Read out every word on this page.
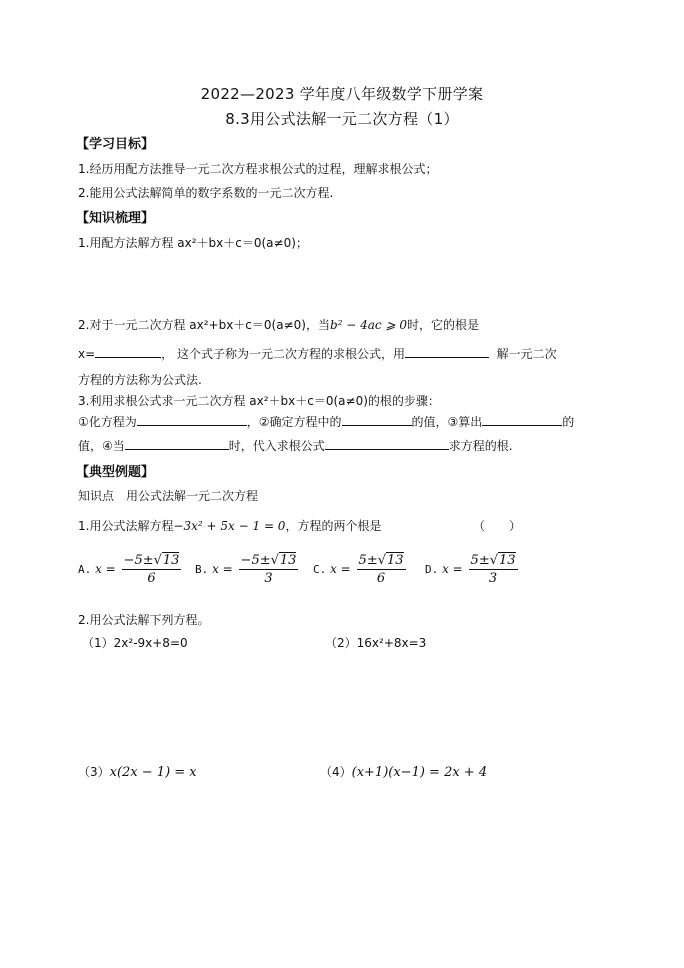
2022—2023 学年度八年级数学下册学案
8.3用公式法解一元二次方程（1）
【学习目标】
1.经历用配方法推导一元二次方程求根公式的过程，理解求根公式；
2.能用公式法解简单的数字系数的一元二次方程.
【知识梳理】
1.用配方法解方程 ax²＋bx＋c＝0(a≠0)；
2.对于一元二次方程 ax²+bx＋c＝0(a≠0)，当b² − 4ac ⩾ 0时，它的根是
x=	， 这个式子称为一元二次方程的求根公式，用	解一元二次
方程的方法称为公式法.
3.利用求根公式求一元二次方程 ax²＋bx＋c＝0(a≠0)的根的步骤：
①化方程为	，②确定方程中的	的值，③算出	的
值，④当	时，代入求根公式	求方程的根.
【典型例题】
知识点　用公式法解一元二次方程
1.用公式法解方程−3x² + 5x − 1 = 0，方程的两个根是	（　　）
A. $x = \frac{-5\pm√13}{6} B$. $x = \frac{-5\pm√13}{3} C$. $x = \frac{5\pm√13}{6} D$. $x = \frac{5\pm√13}{3}$
2.用公式法解下列方程。
（1）2x²-9x+8=0	（2）16x²+8x=3
（3）x(2x − 1) = x	（4）(x+1)(x−1) = 2x + 4
